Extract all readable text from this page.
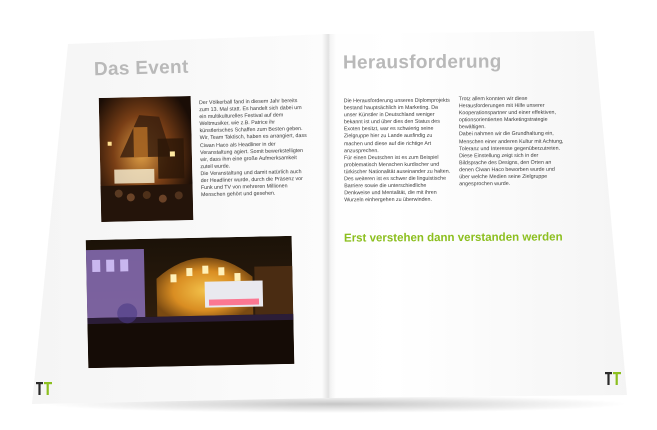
Das Event

Der Völkerball fand in diesem Jahr bereits zum 13. Mal statt. Es handelt sich dabei um ein multikulturelles Festival auf dem Weltmusiker, wie z.B. Patrice ihr künstlerisches Schaffen zum Besten geben.

Wir, Team Taktisch, haben es arrangiert, dass Ciwan Haco als Headliner in der Veranstaltung agiert. Somit bewerkstelligten wir, dass ihm eine große Aufmerksamkeit zuteil wurde.

Die Veranstaltung und damit natürlich auch der Headliner wurde, durch die Präsenz vor Funk und TV von mehreren Millionen Menschen gehört und gesehen.

Herausforderung

Die Herausforderung unseres Diplomprojekts bestand hauptsächlich im Marketing. Da unser Künstler in Deutschland weniger bekannt ist und über dies den Status des Exoten besitzt, war es schwierig seine Zielgruppe hier zu Lande ausfindig zu machen und diese auf die richtige Art anzusprechen.

Für einen Deutschen ist es zum Beispiel problematisch Menschen kurdischer und türkischer Nationalität auseinander zu halten. Des weiteren ist es schwer die linguistische Barriere sowie die unterschiedliche Denkweise und Mentalität, die mit ihren Wurzeln einhergehen zu überwinden.

Trotz allem konnten wir diese Herausforderungen mit Hilfe unserer Kooperationspartner und einer effektiven, optionsorientierten Marketingstrategie bewältigen.

Dabei nahmen wir die Grundhaltung ein, Menschen einer anderen Kultur mit Achtung, Toleranz und Interesse gegenüberzutreten.

Diese Einstellung zeigt sich in der Bildsprache des Designs, den Orten an denen Ciwan Haco beworben wurde und über welche Medien seine Zielgruppe angesprochen wurde.

Erst verstehen dann verstanden werden
